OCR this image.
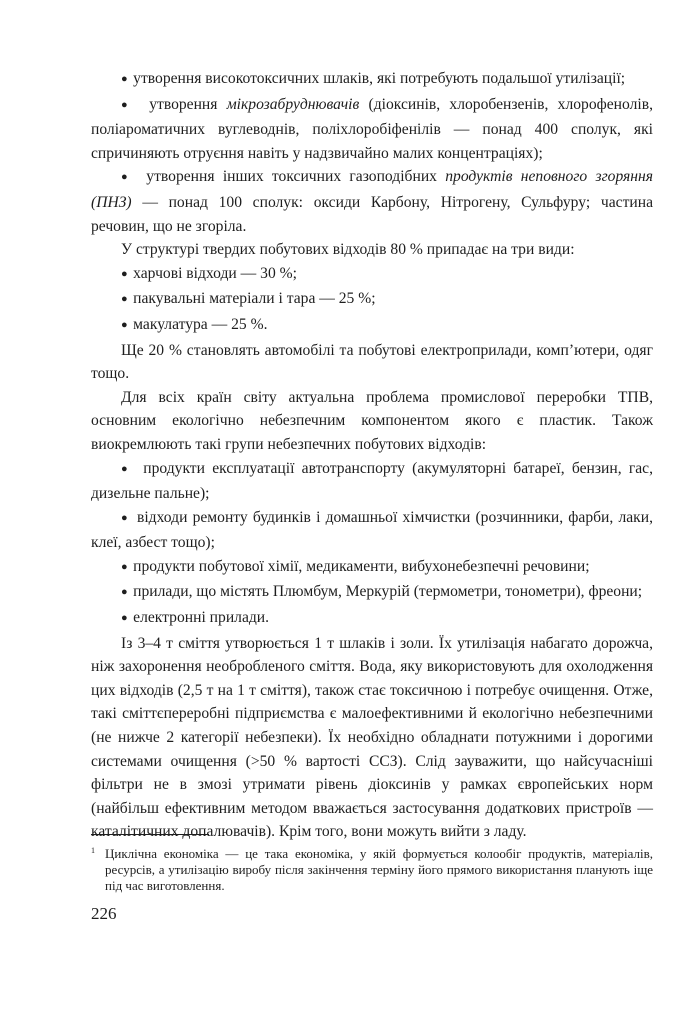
●  утворення високотоксичних шлаків, які потребують подальшої утилізації;

●  утворення мікрозабруднювачів (діоксинів, хлоробензенів, хлорофенолів, поліароматичних вуглеводнів, поліхлоробіфенілів — понад 400 сполук, які спричиняють отруєння навіть у надзвичайно малих концентраціях);

●  утворення інших токсичних газоподібних продуктів неповного згоряння (ПНЗ) — понад 100 сполук: оксиди Карбону, Нітрогену, Сульфуру; частина речовин, що не згоріла.

У структурі твердих побутових відходів 80 % припадає на три види:

●  харчові відходи — 30 %;

●  пакувальні матеріали і тара — 25 %;

●  макулатура — 25 %.

Ще 20 % становлять автомобілі та побутові електроприлади, комп’ютери, одяг тощо.

Для всіх країн світу актуальна проблема промислової переробки ТПВ, основним екологічно небезпечним компонентом якого є пластик. Також виокремлюють такі групи небезпечних побутових відходів:

●  продукти експлуатації автотранспорту (акумуляторні батареї, бензин, гас, дизельне пальне);

●  відходи ремонту будинків і домашньої хімчистки (розчинники, фарби, лаки, клеї, азбест тощо);

●  продукти побутової хімії, медикаменти, вибухонебезпечні речовини;

●  прилади, що містять Плюмбум, Меркурій (термометри, тонометри), фреони;

●  електронні прилади.

Із 3–4 т сміття утворюється 1 т шлаків і золи. Їх утилізація набагато дорожча, ніж захоронення необробленого сміття. Вода, яку використовують для охолодження цих відходів (2,5 т на 1 т сміття), також стає токсичною і потребує очищення. Отже, такі сміттєпереробні підприємства є малоефективними й екологічно небезпечними (не нижче 2 категорії небезпеки). Їх необхідно обладнати потужними і дорогими системами очищення (>50 % вартості ССЗ). Слід зауважити, що найсучасніші фільтри не в змозі утримати рівень діоксинів у рамках європейських норм (найбільш ефективним методом вважається застосування додаткових пристроїв — каталітичних допалювачів). Крім того, вони можуть вийти з ладу.

1 Циклічна економіка — це така економіка, у якій формується колообіг продуктів, матеріалів, ресурсів, а утилізацію виробу після закінчення терміну його прямого використання планують іще під час виготовлення.

226
